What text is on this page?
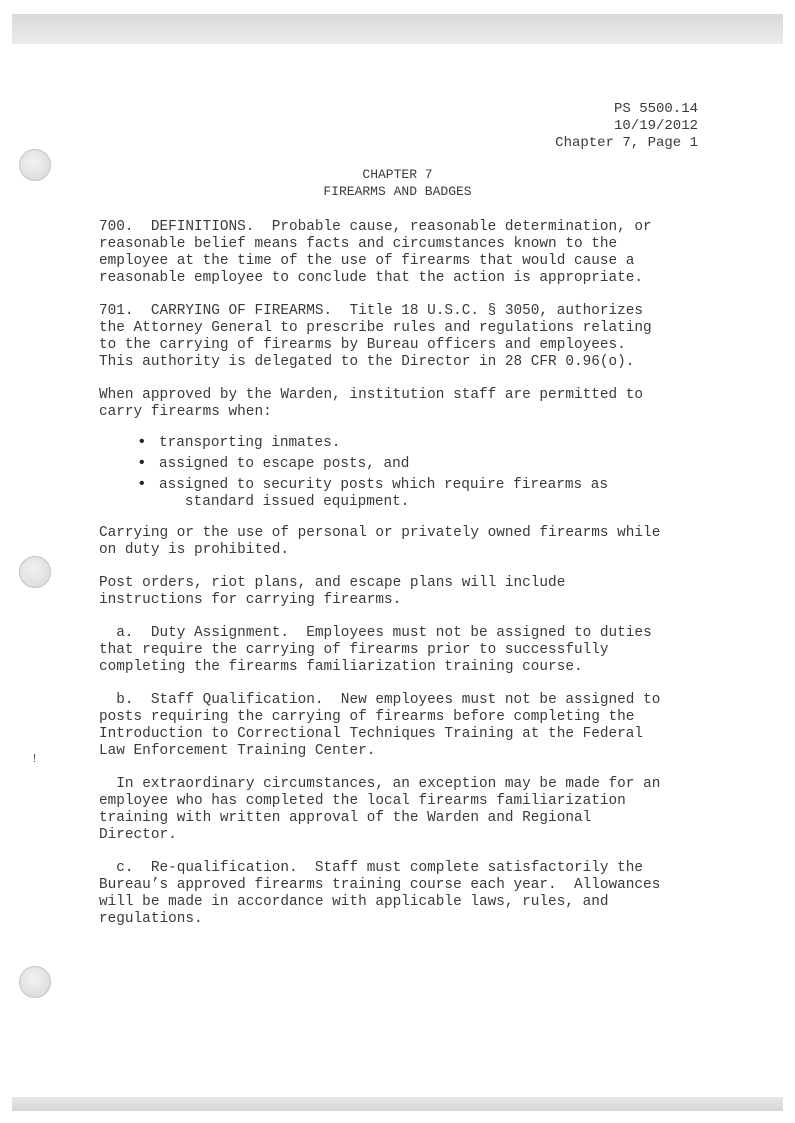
!
PS 5500.14
10/19/2012
Chapter 7, Page 1
CHAPTER 7
FIREARMS AND BADGES

700.  DEFINITIONS.  Probable cause, reasonable determination, or
reasonable belief means facts and circumstances known to the
employee at the time of the use of firearms that would cause a
reasonable employee to conclude that the action is appropriate.

701.  CARRYING OF FIREARMS.  Title 18 U.S.C. § 3050, authorizes
the Attorney General to prescribe rules and regulations relating
to the carrying of firearms by Bureau officers and employees.
This authority is delegated to the Director in 28 CFR 0.96(o).

When approved by the Warden, institution staff are permitted to
carry firearms when:

• transporting inmates.
• assigned to escape posts, and
• assigned to security posts which require firearms as
standard issued equipment.

Carrying or the use of personal or privately owned firearms while
on duty is prohibited.

Post orders, riot plans, and escape plans will include
instructions for carrying firearms.

a.  Duty Assignment.  Employees must not be assigned to duties
that require the carrying of firearms prior to successfully
completing the firearms familiarization training course.

b.  Staff Qualification.  New employees must not be assigned to
posts requiring the carrying of firearms before completing the
Introduction to Correctional Techniques Training at the Federal
Law Enforcement Training Center.

In extraordinary circumstances, an exception may be made for an
employee who has completed the local firearms familiarization
training with written approval of the Warden and Regional
Director.

c.  Re-qualification.  Staff must complete satisfactorily the
Bureau’s approved firearms training course each year.  Allowances
will be made in accordance with applicable laws, rules, and
regulations.
